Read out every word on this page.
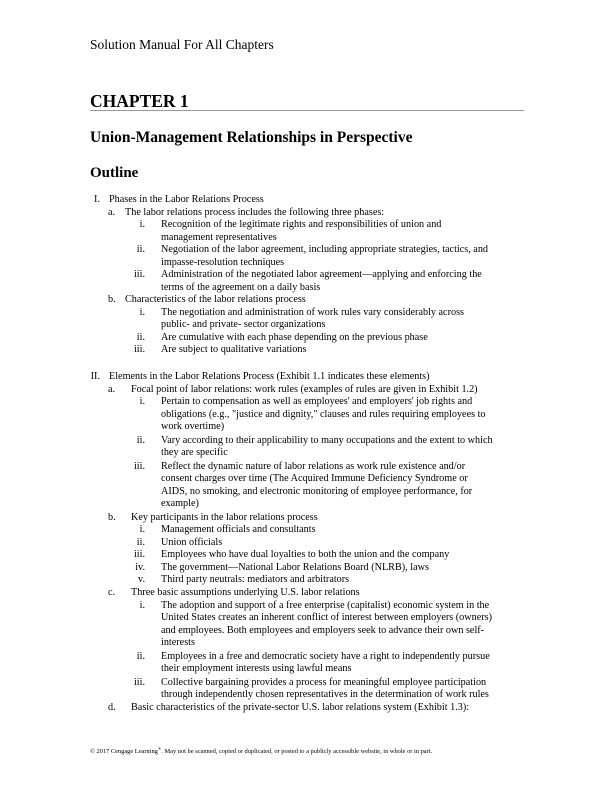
Solution Manual For All Chapters
CHAPTER 1
Union-Management Relationships in Perspective
Outline
I. Phases in the Labor Relations Process
a. The labor relations process includes the following three phases:
i. Recognition of the legitimate rights and responsibilities of union and
management representatives
ii. Negotiation of the labor agreement, including appropriate strategies, tactics, and
impasse-resolution techniques
iii. Administration of the negotiated labor agreement—applying and enforcing the
terms of the agreement on a daily basis
b. Characteristics of the labor relations process
i. The negotiation and administration of work rules vary considerably across
public- and private- sector organizations
ii. Are cumulative with each phase depending on the previous phase
iii. Are subject to qualitative variations
II. Elements in the Labor Relations Process (Exhibit 1.1 indicates these elements)
a. Focal point of labor relations: work rules (examples of rules are given in Exhibit 1.2)
i. Pertain to compensation as well as employees' and employers' job rights and
obligations (e.g., "justice and dignity," clauses and rules requiring employees to
work overtime)
ii. Vary according to their applicability to many occupations and the extent to which
they are specific
iii. Reflect the dynamic nature of labor relations as work rule existence and/or
consent charges over time (The Acquired Immune Deficiency Syndrome or
AIDS, no smoking, and electronic monitoring of employee performance, for
example)
b. Key participants in the labor relations process
i. Management officials and consultants
ii. Union officials
iii. Employees who have dual loyalties to both the union and the company
iv. The government—National Labor Relations Board (NLRB), laws
v. Third party neutrals: mediators and arbitrators
c. Three basic assumptions underlying U.S. labor relations
i. The adoption and support of a free enterprise (capitalist) economic system in the
United States creates an inherent conflict of interest between employers (owners)
and employees. Both employees and employers seek to advance their own self-
interests
ii. Employees in a free and democratic society have a right to independently pursue
their employment interests using lawful means
iii. Collective bargaining provides a process for meaningful employee participation
through independently chosen representatives in the determination of work rules
d. Basic characteristics of the private-sector U.S. labor relations system (Exhibit 1.3):
© 2017 Cengage Learning®. May not be scanned, copied or duplicated, or posted to a publicly accessible website, in whole or in part.
